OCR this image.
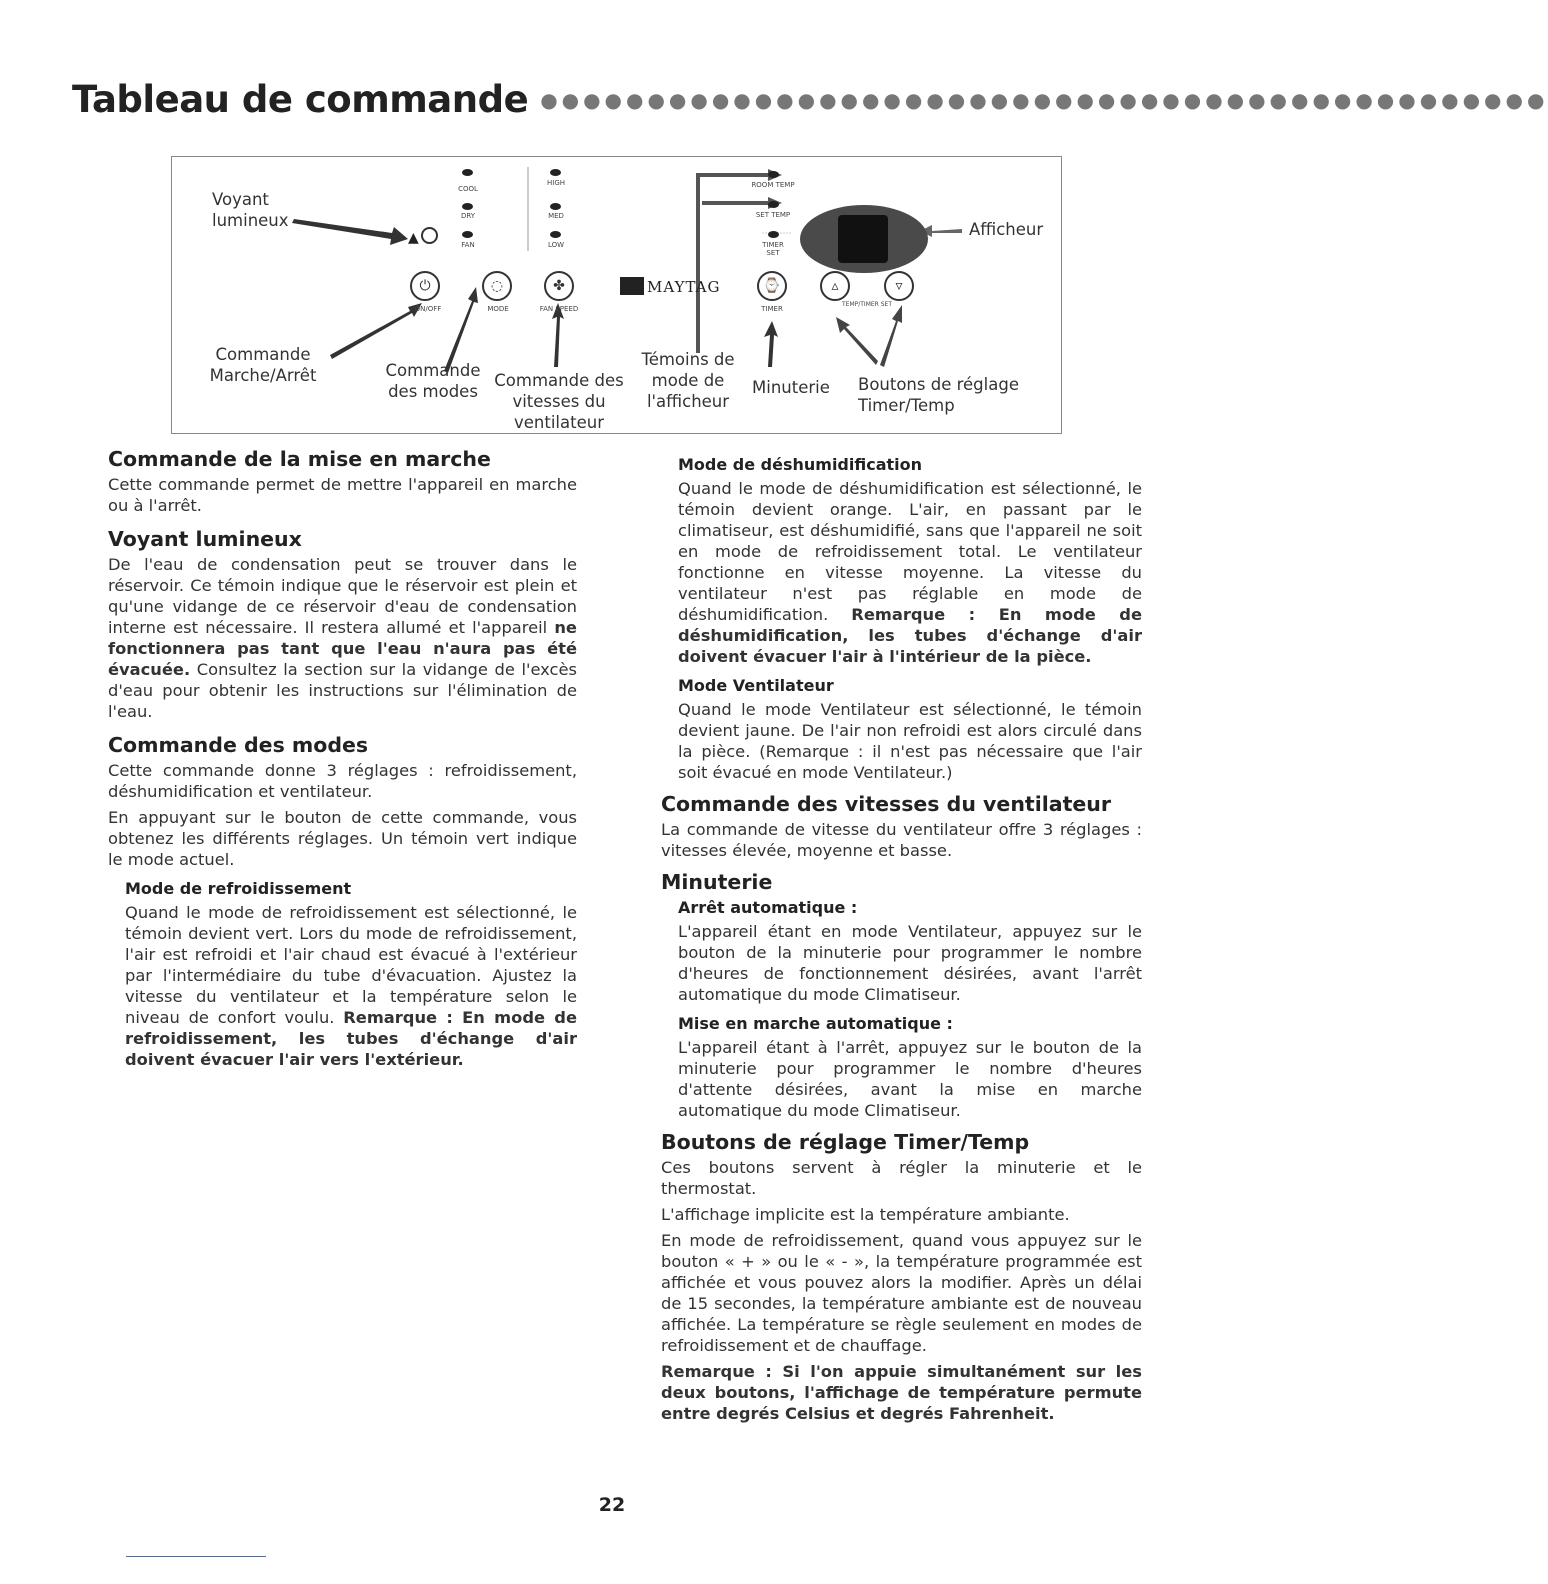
Tableau de commande ●●●●●●●●●●●●●●●●●●●●●●●●●●●●●●●●●●●●●●●●●●●●●●●
Voyant lumineux	Afficheur
Commande Marche/Arrêt	Commande des modes
Commande des vitesses du ventilateur
Témoins de mode de l'afficheur
Minuterie Boutons de réglage Timer/Temp
COOL
DRY
FAN
HIGH
MED
LOW
ROOM TEMP
SET TEMP
TIMER SET
▲
⏻
ON/OFF
◌
MODE
✤
FAN SPEED
MAYTAG	⌚
TIMER
▵	▿
TEMP/TIMER SET
Commande de la mise en marche

Cette commande permet de mettre l'appareil en marche ou à l'arrêt.

Voyant lumineux

De l'eau de condensation peut se trouver dans le réservoir. Ce témoin indique que le réservoir est plein et qu'une vidange de ce réservoir d'eau de condensation interne est nécessaire. Il restera allumé et l'appareil ne fonctionnera pas tant que l'eau n'aura pas été évacuée. Consultez la section sur la vidange de l'excès d'eau pour obtenir les instructions sur l'élimination de l'eau.

Commande des modes

Cette commande donne 3 réglages : refroidissement, déshumidification et ventilateur.

En appuyant sur le bouton de cette commande, vous obtenez les différents réglages. Un témoin vert indique le mode actuel.

Mode de refroidissement

Quand le mode de refroidissement est sélectionné, le témoin devient vert. Lors du mode de refroidissement, l'air est refroidi et l'air chaud est évacué à l'extérieur par l'intermédiaire du tube d'évacuation. Ajustez la vitesse du ventilateur et la température selon le niveau de confort voulu. Remarque : En mode de refroidissement, les tubes d'échange d'air doivent évacuer l'air vers l'extérieur.

Mode de déshumidification

Quand le mode de déshumidification est sélectionné, le témoin devient orange. L'air, en passant par le climatiseur, est déshumidifié, sans que l'appareil ne soit en mode de refroidissement total. Le ventilateur fonctionne en vitesse moyenne. La vitesse du ventilateur n'est pas réglable en mode de déshumidification. Remarque : En mode de déshumidification, les tubes d'échange d'air doivent évacuer l'air à l'intérieur de la pièce.

Mode Ventilateur

Quand le mode Ventilateur est sélectionné, le témoin devient jaune. De l'air non refroidi est alors circulé dans la pièce. (Remarque : il n'est pas nécessaire que l'air soit évacué en mode Ventilateur.)

Commande des vitesses du ventilateur

La commande de vitesse du ventilateur offre 3 réglages : vitesses élevée, moyenne et basse.

Minuterie
Arrêt automatique :

L'appareil étant en mode Ventilateur, appuyez sur le bouton de la minuterie pour programmer le nombre d'heures de fonctionnement désirées, avant l'arrêt automatique du mode Climatiseur.

Mise en marche automatique :

L'appareil étant à l'arrêt, appuyez sur le bouton de la minuterie pour programmer le nombre d'heures d'attente désirées, avant la mise en marche automatique du mode Climatiseur.

Boutons de réglage Timer/Temp

Ces boutons servent à régler la minuterie et le thermostat.

L'affichage implicite est la température ambiante.

En mode de refroidissement, quand vous appuyez sur le bouton « + » ou le « - », la température programmée est affichée et vous pouvez alors la modifier. Après un délai de 15 secondes, la température ambiante est de nouveau affichée. La température se règle seulement en modes de refroidissement et de chauffage.

Remarque : Si l'on appuie simultanément sur les deux boutons, l'affichage de température permute entre degrés Celsius et degrés Fahrenheit.

22
